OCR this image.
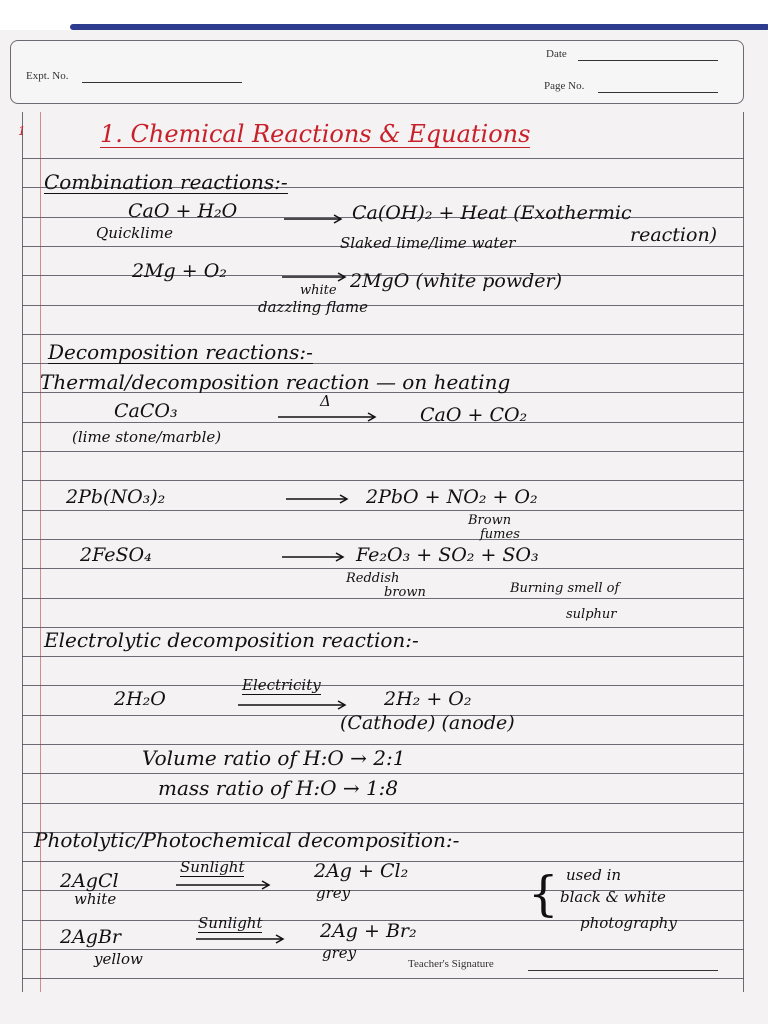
Date
Expt. No.
Page No.
1	1. Chemical Reactions & Equations
Combination reactions:-
CaO + H₂O	Ca(OH)₂ + Heat (Exothermic
reaction)
Quicklime
Slaked lime/lime water
2Mg + O₂
white
dazzling flame
2MgO (white powder)
Decomposition reactions:-
Thermal/decomposition reaction — on heating
CaCO₃	Δ
CaO + CO₂
(lime stone/marble)
2Pb(NO₃)₂	2PbO + NO₂ + O₂
Brown
fumes
2FeSO₄	Fe₂O₃ + SO₂ + SO₃
Reddish
brown	Burning smell of
sulphur
Electrolytic decomposition reaction:-
2H₂O
Electricity
2H₂ + O₂
(Cathode) (anode)
Volume ratio of H:O → 2:1
mass ratio of H:O → 1:8
Photolytic/Photochemical decomposition:-
2AgCl
white
Sunlight	2Ag + Cl₂
grey
2AgBr
yellow
Sunlight	2Ag + Br₂
grey
{ used in
black & white
photography
Teacher's Signature
